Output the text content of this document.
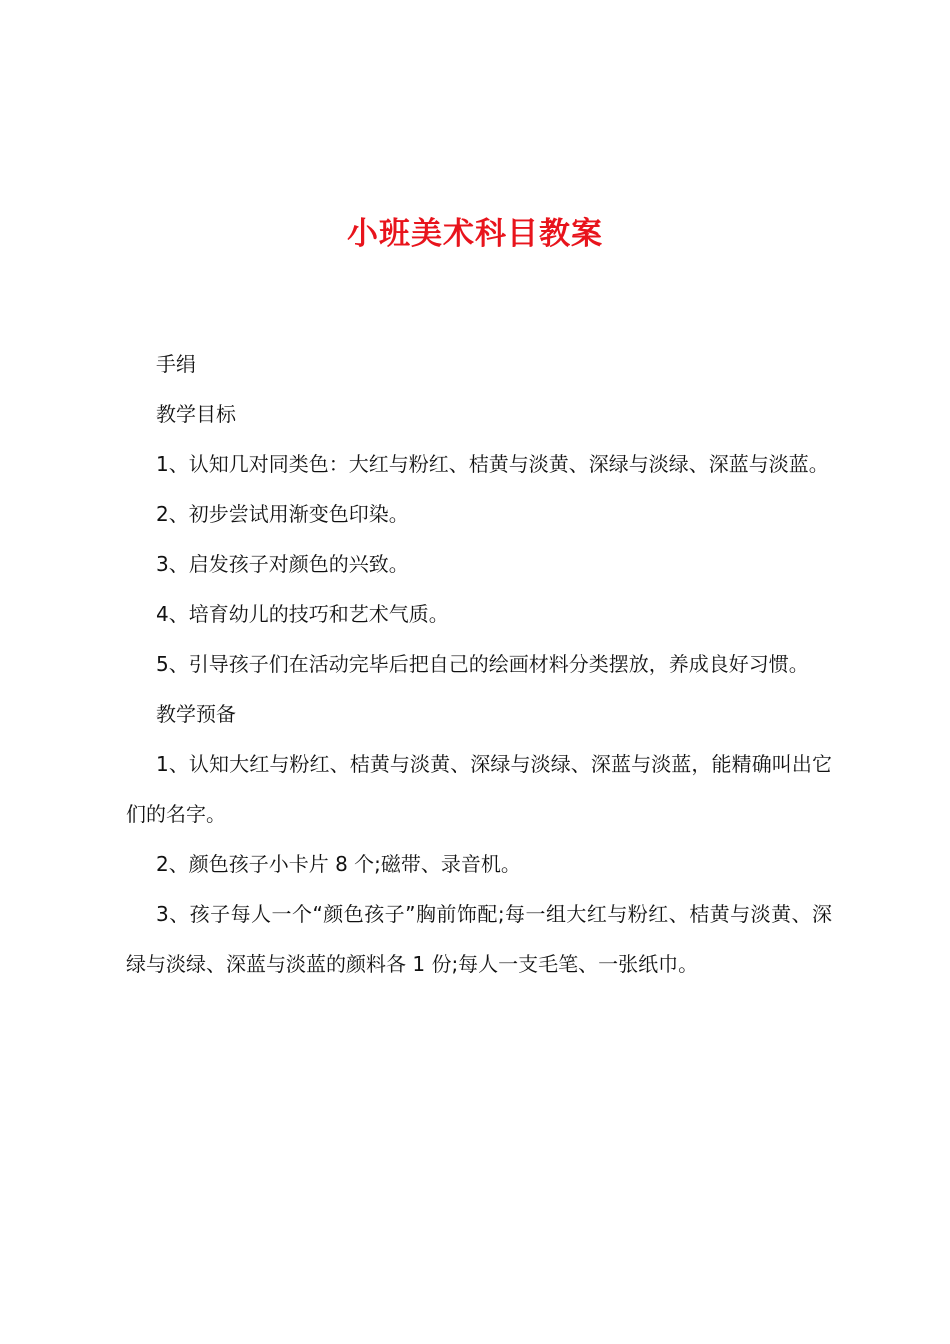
小班美术科目教案

手绢

教学目标

1、认知几对同类色：大红与粉红、桔黄与淡黄、深绿与淡绿、深蓝与淡蓝。

2、初步尝试用渐变色印染。

3、启发孩子对颜色的兴致。

4、培育幼儿的技巧和艺术气质。

5、引导孩子们在活动完毕后把自己的绘画材料分类摆放，养成良好习惯。

教学预备

1、认知大红与粉红、桔黄与淡黄、深绿与淡绿、深蓝与淡蓝，能精确叫出它们的名字。

2、颜色孩子小卡片 8 个;磁带、录音机。

3、孩子每人一个“颜色孩子”胸前饰配;每一组大红与粉红、桔黄与淡黄、深绿与淡绿、深蓝与淡蓝的颜料各 1 份;每人一支毛笔、一张纸巾。
